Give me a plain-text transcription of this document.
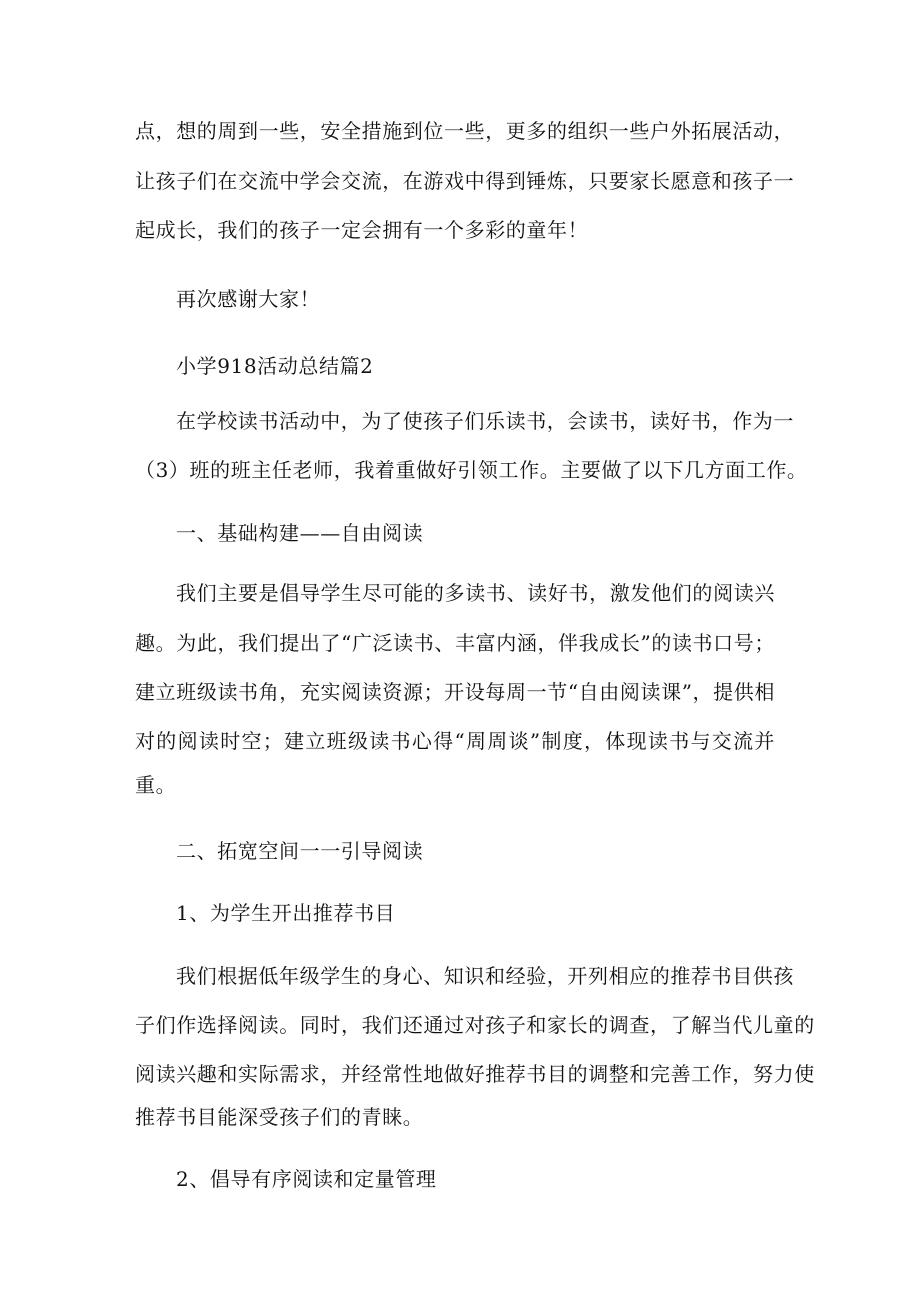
点，想的周到一些，安全措施到位一些，更多的组织一些户外拓展活动，
让孩子们在交流中学会交流，在游戏中得到锤炼，只要家长愿意和孩子一
起成长，我们的孩子一定会拥有一个多彩的童年！
再次感谢大家！
小学918活动总结篇2
在学校读书活动中，为了使孩子们乐读书，会读书，读好书，作为一
（3）班的班主任老师，我着重做好引领工作。主要做了以下几方面工作。
一、基础构建——自由阅读
我们主要是倡导学生尽可能的多读书、读好书，激发他们的阅读兴
趣。为此，我们提出了“广泛读书、丰富内涵，伴我成长”的读书口号；
建立班级读书角，充实阅读资源；开设每周一节“自由阅读课”，提供相
对的阅读时空；建立班级读书心得“周周谈”制度，体现读书与交流并
重。
二、拓宽空间一一引导阅读
1、为学生开出推荐书目
我们根据低年级学生的身心、知识和经验，开列相应的推荐书目供孩
子们作选择阅读。同时，我们还通过对孩子和家长的调查，了解当代儿童的
阅读兴趣和实际需求，并经常性地做好推荐书目的调整和完善工作，努力使
推荐书目能深受孩子们的青睐。
2、倡导有序阅读和定量管理
